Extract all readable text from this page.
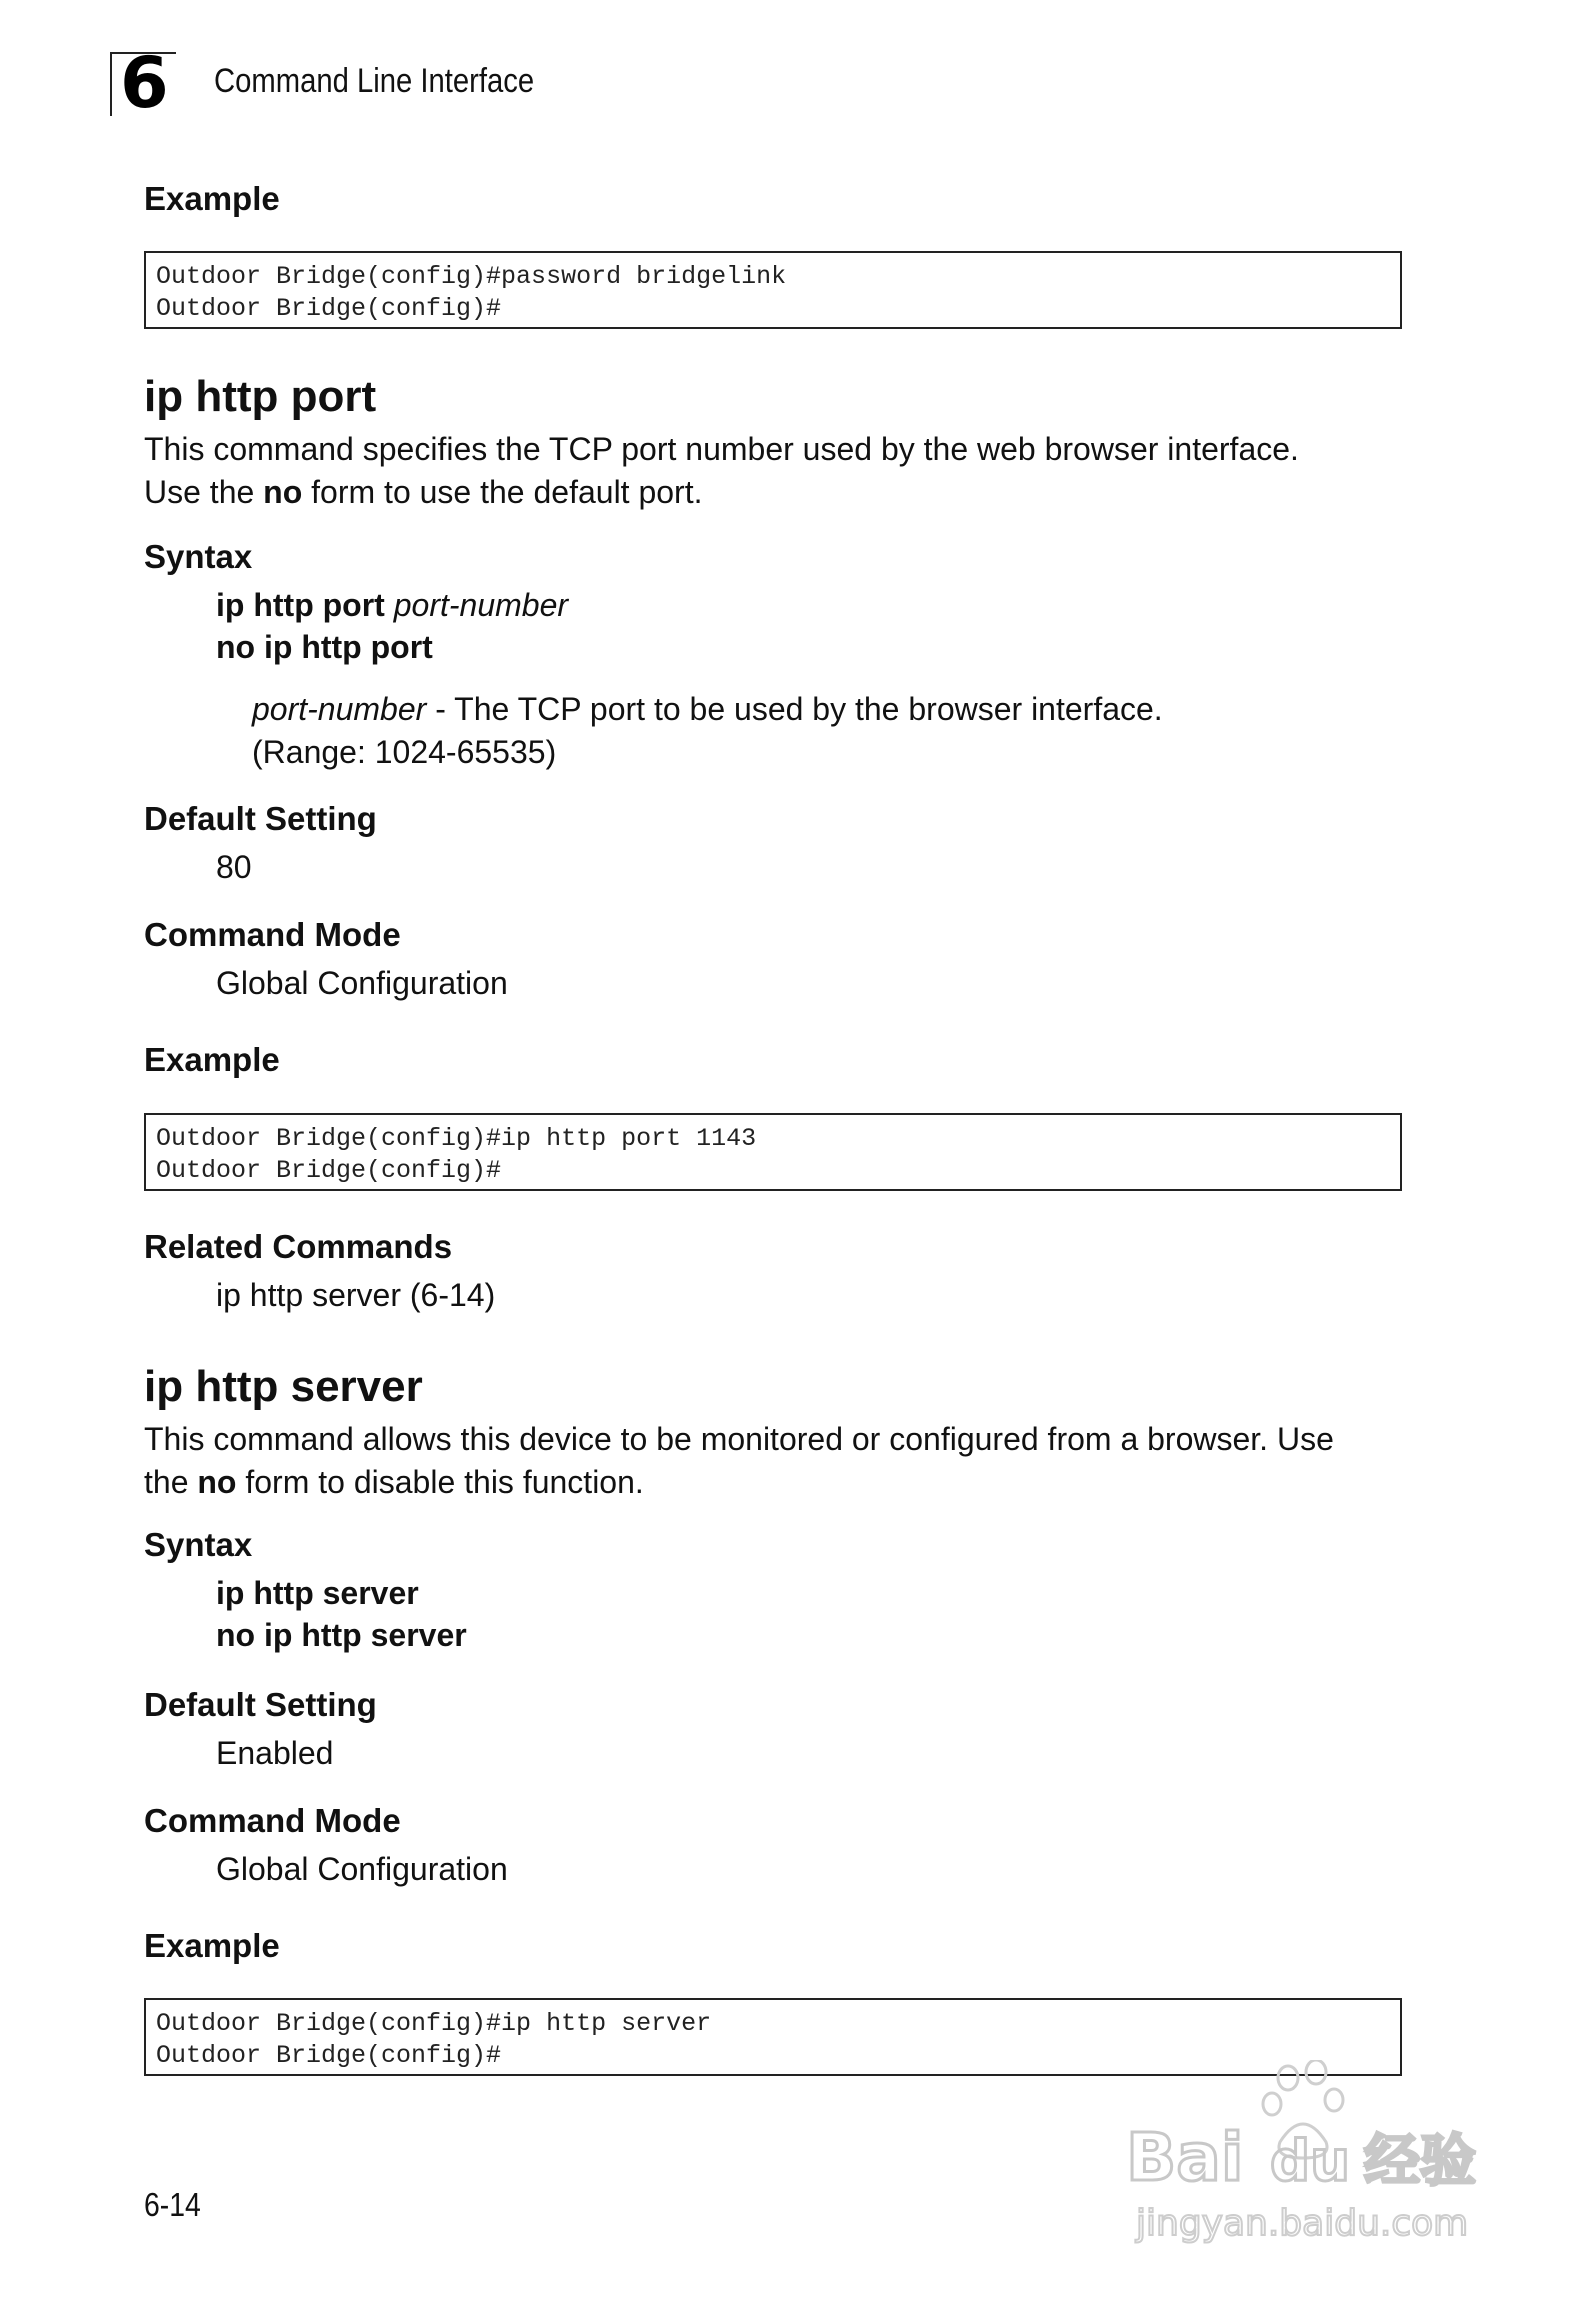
6 Command Line Interface
Example
Outdoor Bridge(config)#password bridgelink
Outdoor Bridge(config)#
ip http port
This command specifies the TCP port number used by the web browser interface.
Use the no form to use the default port.
Syntax
ip http port port-number
no ip http port
port-number - The TCP port to be used by the browser interface.
(Range: 1024-65535)
Default Setting
80
Command Mode
Global Configuration
Example
Outdoor Bridge(config)#ip http port 1143
Outdoor Bridge(config)#
Related Commands
ip http server (6-14)
ip http server
This command allows this device to be monitored or configured from a browser. Use
the no form to disable this function.
Syntax
ip http server
no ip http server
Default Setting
Enabled
Command Mode
Global Configuration
Example
Outdoor Bridge(config)#ip http server
Outdoor Bridge(config)#
6-14
Bai du 经验
jingyan.baidu.com
